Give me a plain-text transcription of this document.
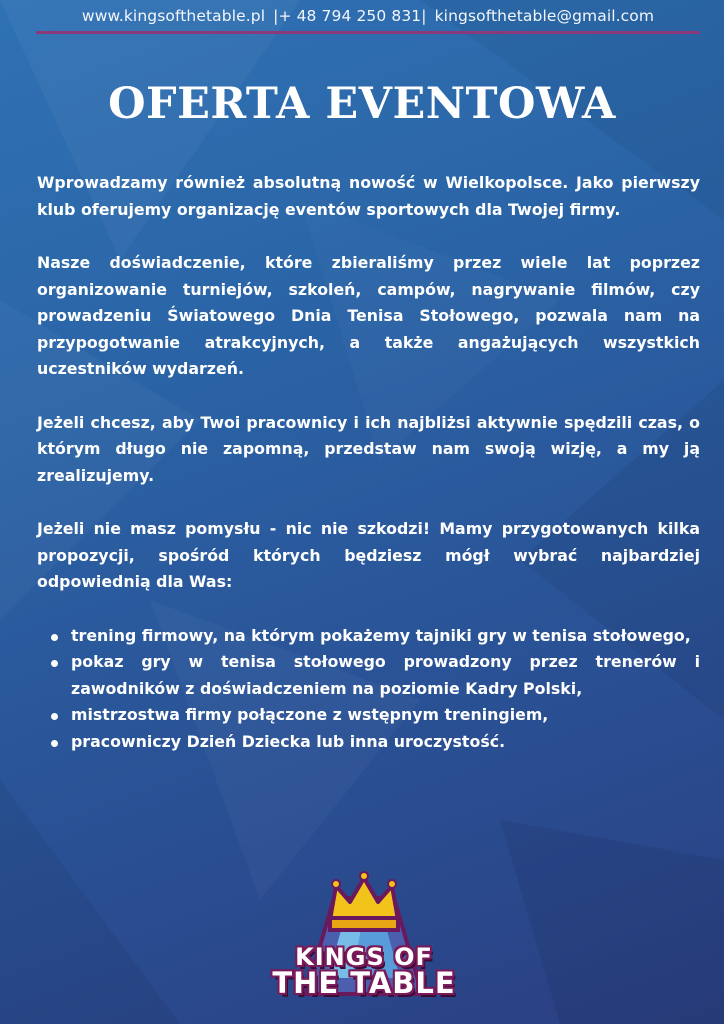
www.kingsofthetable.pl |+ 48 794 250 831| kingsofthetable@gmail.com
OFERTA EVENTOWA

Wprowadzamy również absolutną nowość w Wielkopolsce. Jako pierwszy klub oferujemy organizację eventów sportowych dla Twojej firmy.

Nasze doświadczenie, które zbieraliśmy przez wiele lat poprzez organizowanie turniejów, szkoleń, campów, nagrywanie filmów, czy prowadzeniu Światowego Dnia Tenisa Stołowego, pozwala nam na przypogotwanie atrakcyjnych, a także angażujących wszystkich uczestników wydarzeń.

Jeżeli chcesz, aby Twoi pracownicy i ich najbliżsi aktywnie spędzili czas, o którym długo nie zapomną, przedstaw nam swoją wizję, a my ją zrealizujemy.

Jeżeli nie masz pomysłu - nic nie szkodzi! Mamy przygotowanych kilka propozycji, spośród których będziesz mógł wybrać najbardziej odpowiednią dla Was:

trening firmowy, na którym pokażemy tajniki gry w tenisa stołowego,
pokaz gry w tenisa stołowego prowadzony przez trenerów i zawodników z doświadczeniem na poziomie Kadry Polski,
mistrzostwa firmy połączone z wstępnym treningiem,
pracowniczy Dzień Dziecka lub inna uroczystość.
KINGS OF
THE TABLE
